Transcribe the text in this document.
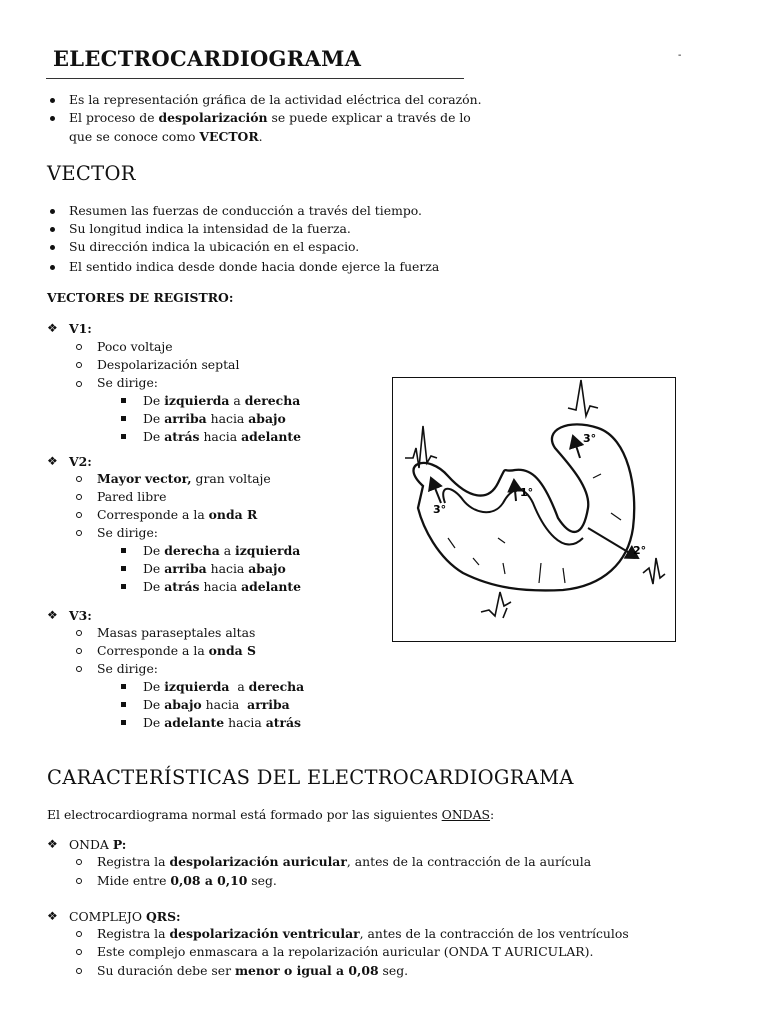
ELECTROCARDIOGRAMA	-
Es la representación gráfica de la actividad eléctrica del corazón.
El proceso de despolarización se puede explicar a través de lo
que se conoce como VECTOR.
VECTOR
Resumen las fuerzas de conducción a través del tiempo.
Su longitud indica la intensidad de la fuerza.
Su dirección indica la ubicación en el espacio.
El sentido indica desde donde hacia donde ejerce la fuerza
VECTORES DE REGISTRO:
❖ V1:
Poco voltaje
Despolarización septal
Se dirige:
De izquierda a derecha
De arriba hacia abajo
De atrás hacia adelante
❖ V2:
Mayor vector, gran voltaje
Pared libre
Corresponde a la onda R
Se dirige:
De derecha a izquierda
De arriba hacia abajo
De atrás hacia adelante
❖ V3:
Masas paraseptales altas
Corresponde a la onda S
Se dirige:
De izquierda  a derecha
De abajo hacia  arriba
De adelante hacia atrás
1°
2°
3°
3°
CARACTERÍSTICAS DEL ELECTROCARDIOGRAMA
El electrocardiograma normal está formado por las siguientes ONDAS:
❖ ONDA P:
Registra la despolarización auricular, antes de la contracción de la aurícula
Mide entre 0,08 a 0,10 seg.
❖ COMPLEJO QRS:
Registra la despolarización ventricular, antes de la contracción de los ventrículos
Este complejo enmascara a la repolarización auricular (ONDA T AURICULAR).
Su duración debe ser menor o igual a 0,08 seg.
